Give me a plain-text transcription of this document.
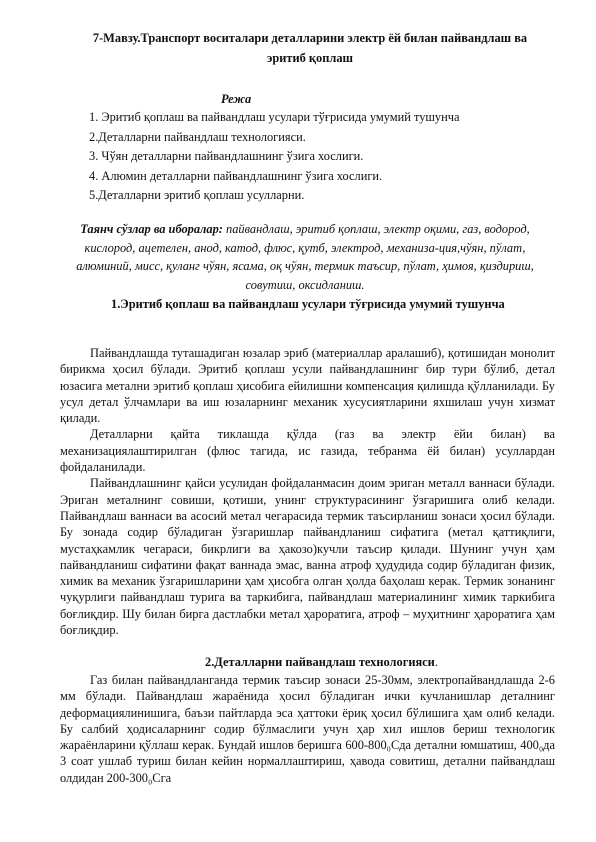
7-Мавзу.Транспорт воситалари деталларини электр ёй билан пайвандлаш ва
эритиб қоплаш
Режа
1. Эритиб қоплаш ва пайвандлаш усулари тўғрисида умумий тушунча
2.Деталларни пайвандлаш технологияси.
3. Чўян деталларни пайвандлашнинг ўзига хослиги.
4. Алюмин деталларни пайвандлашнинг ўзига хослиги.
5.Деталларни эритиб қоплаш усулларни.
Таянч сўзлар ва иборалар: пайвандлаш, эритиб қоплаш, электр оқими, газ, водород, кислород, ацетелен, анод, катод, флюс, қутб, электрод, механиза-ция,чўян, пўлат, алюминий, мисс, қуланг чўян, ясама, оқ чўян, термик таъсир, пўлат, ҳимоя, қиздириш, совутиш, оксидланиш.
1.Эритиб қоплаш ва пайвандлаш усулари тўғрисида умумий тушунча

Пайвандлашда туташадиган юзалар эриб (материаллар аралашиб), қотишидан монолит бирикма ҳосил бўлади. Эритиб қоплаш усули пайвандлашнинг бир тури бўлиб, детал юзасига метални эритиб қоплаш ҳисобига ейилишни компенсация қилишда қўлланилади. Бу усул детал ўлчамлари ва иш юзаларнинг механик хусусиятларини яхшилаш учун хизмат қилади.

Деталларни қайта тиклашда қўлда (газ ва электр ёйи билан) ва механизациялаштирилган (флюс тагида, ис газида, тебранма ёй билан) усуллардан фойдаланилади.

Пайвандлашнинг қайси усулидан фойдаланмасин доим эриган металл ваннаси бўлади. Эриган металнинг совиши, қотиши, унинг структурасининг ўзгаришига олиб келади. Пайвандлаш ваннаси ва асосий метал чегарасида термик таъсирланиш зонаси ҳосил бўлади. Бу зонада содир бўладиган ўзгаришлар пайвандланиш сифатига (метал қаттиқлиги, мустаҳкамлик чегараси, бикрлиги ва ҳакозо)кучли таъсир қилади. Шунинг учун ҳам пайвандланиш сифатини фақат ваннада эмас, ванна атроф ҳудудида содир бўладиган физик, химик ва механик ўзгаришларини ҳам ҳисобга олган ҳолда баҳолаш керак. Термик зонанинг чуқурлиги пайвандлаш турига ва таркибига, пайвандлаш материалининг химик таркибига боғлиқдир. Шу билан бирга дастлабки метал ҳароратига, атроф – муҳитнинг ҳароратига ҳам боғлиқдир.

2.Деталларни пайвандлаш технологияси.

Газ билан пайвандланганда термик таъсир зонаси 25-30мм, электропайвандлашда 2-6 мм бўлади. Пайвандлаш жараёнида ҳосил бўладиган ички кучланишлар деталнинг деформациялинишига, баъзи пайтларда эса ҳаттоки ёриқ ҳосил бўлишига ҳам олиб келади. Бу салбий ҳодисаларнинг содир бўлмаслиги учун ҳар хил ишлов бериш технологик жараёнларини қўллаш керак. Бундай ишлов беришга 600-800₀Сда детални юмшатиш, 400₀да 3 соат ушлаб туриш билан кейин нормаллаштириш, ҳавода совитиш, детални пайвандлаш олдидан 200-300₀Сга
